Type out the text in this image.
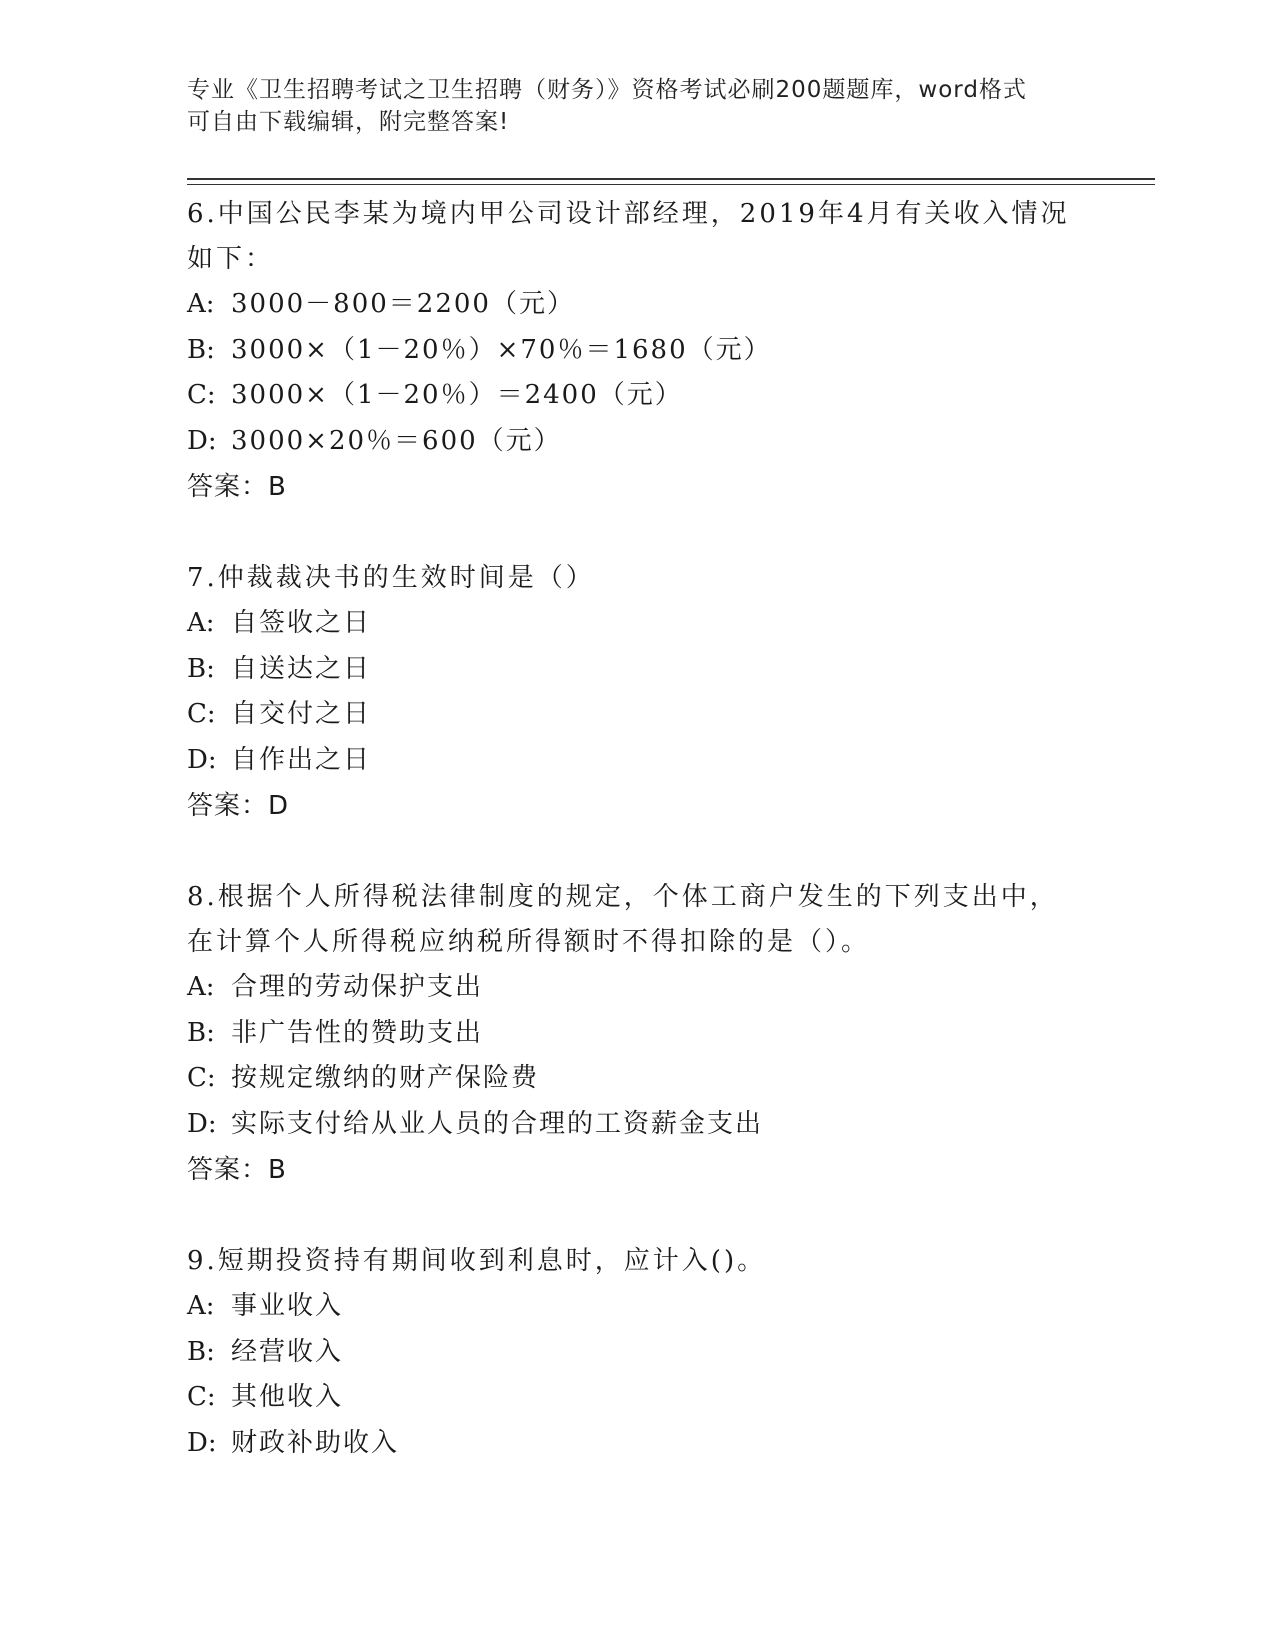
专业《卫生招聘考试之卫生招聘（财务）》资格考试必刷200题题库，word格式
可自由下载编辑，附完整答案!
6.中国公民李某为境内甲公司设计部经理，2019年4月有关收入情况
如下：
A: 3000－800＝2200（元）
B: 3000×（1－20％）×70％＝1680（元）
C: 3000×（1－20％）＝2400（元）
D: 3000×20％＝600（元）
答案：B
7.仲裁裁决书的生效时间是（）
A: 自签收之日
B: 自送达之日
C: 自交付之日
D: 自作出之日
答案：D
8.根据个人所得税法律制度的规定，个体工商户发生的下列支出中，
在计算个人所得税应纳税所得额时不得扣除的是（）。
A: 合理的劳动保护支出
B: 非广告性的赞助支出
C: 按规定缴纳的财产保险费
D: 实际支付给从业人员的合理的工资薪金支出
答案：B
9.短期投资持有期间收到利息时，应计入()。
A: 事业收入
B: 经营收入
C: 其他收入
D: 财政补助收入
